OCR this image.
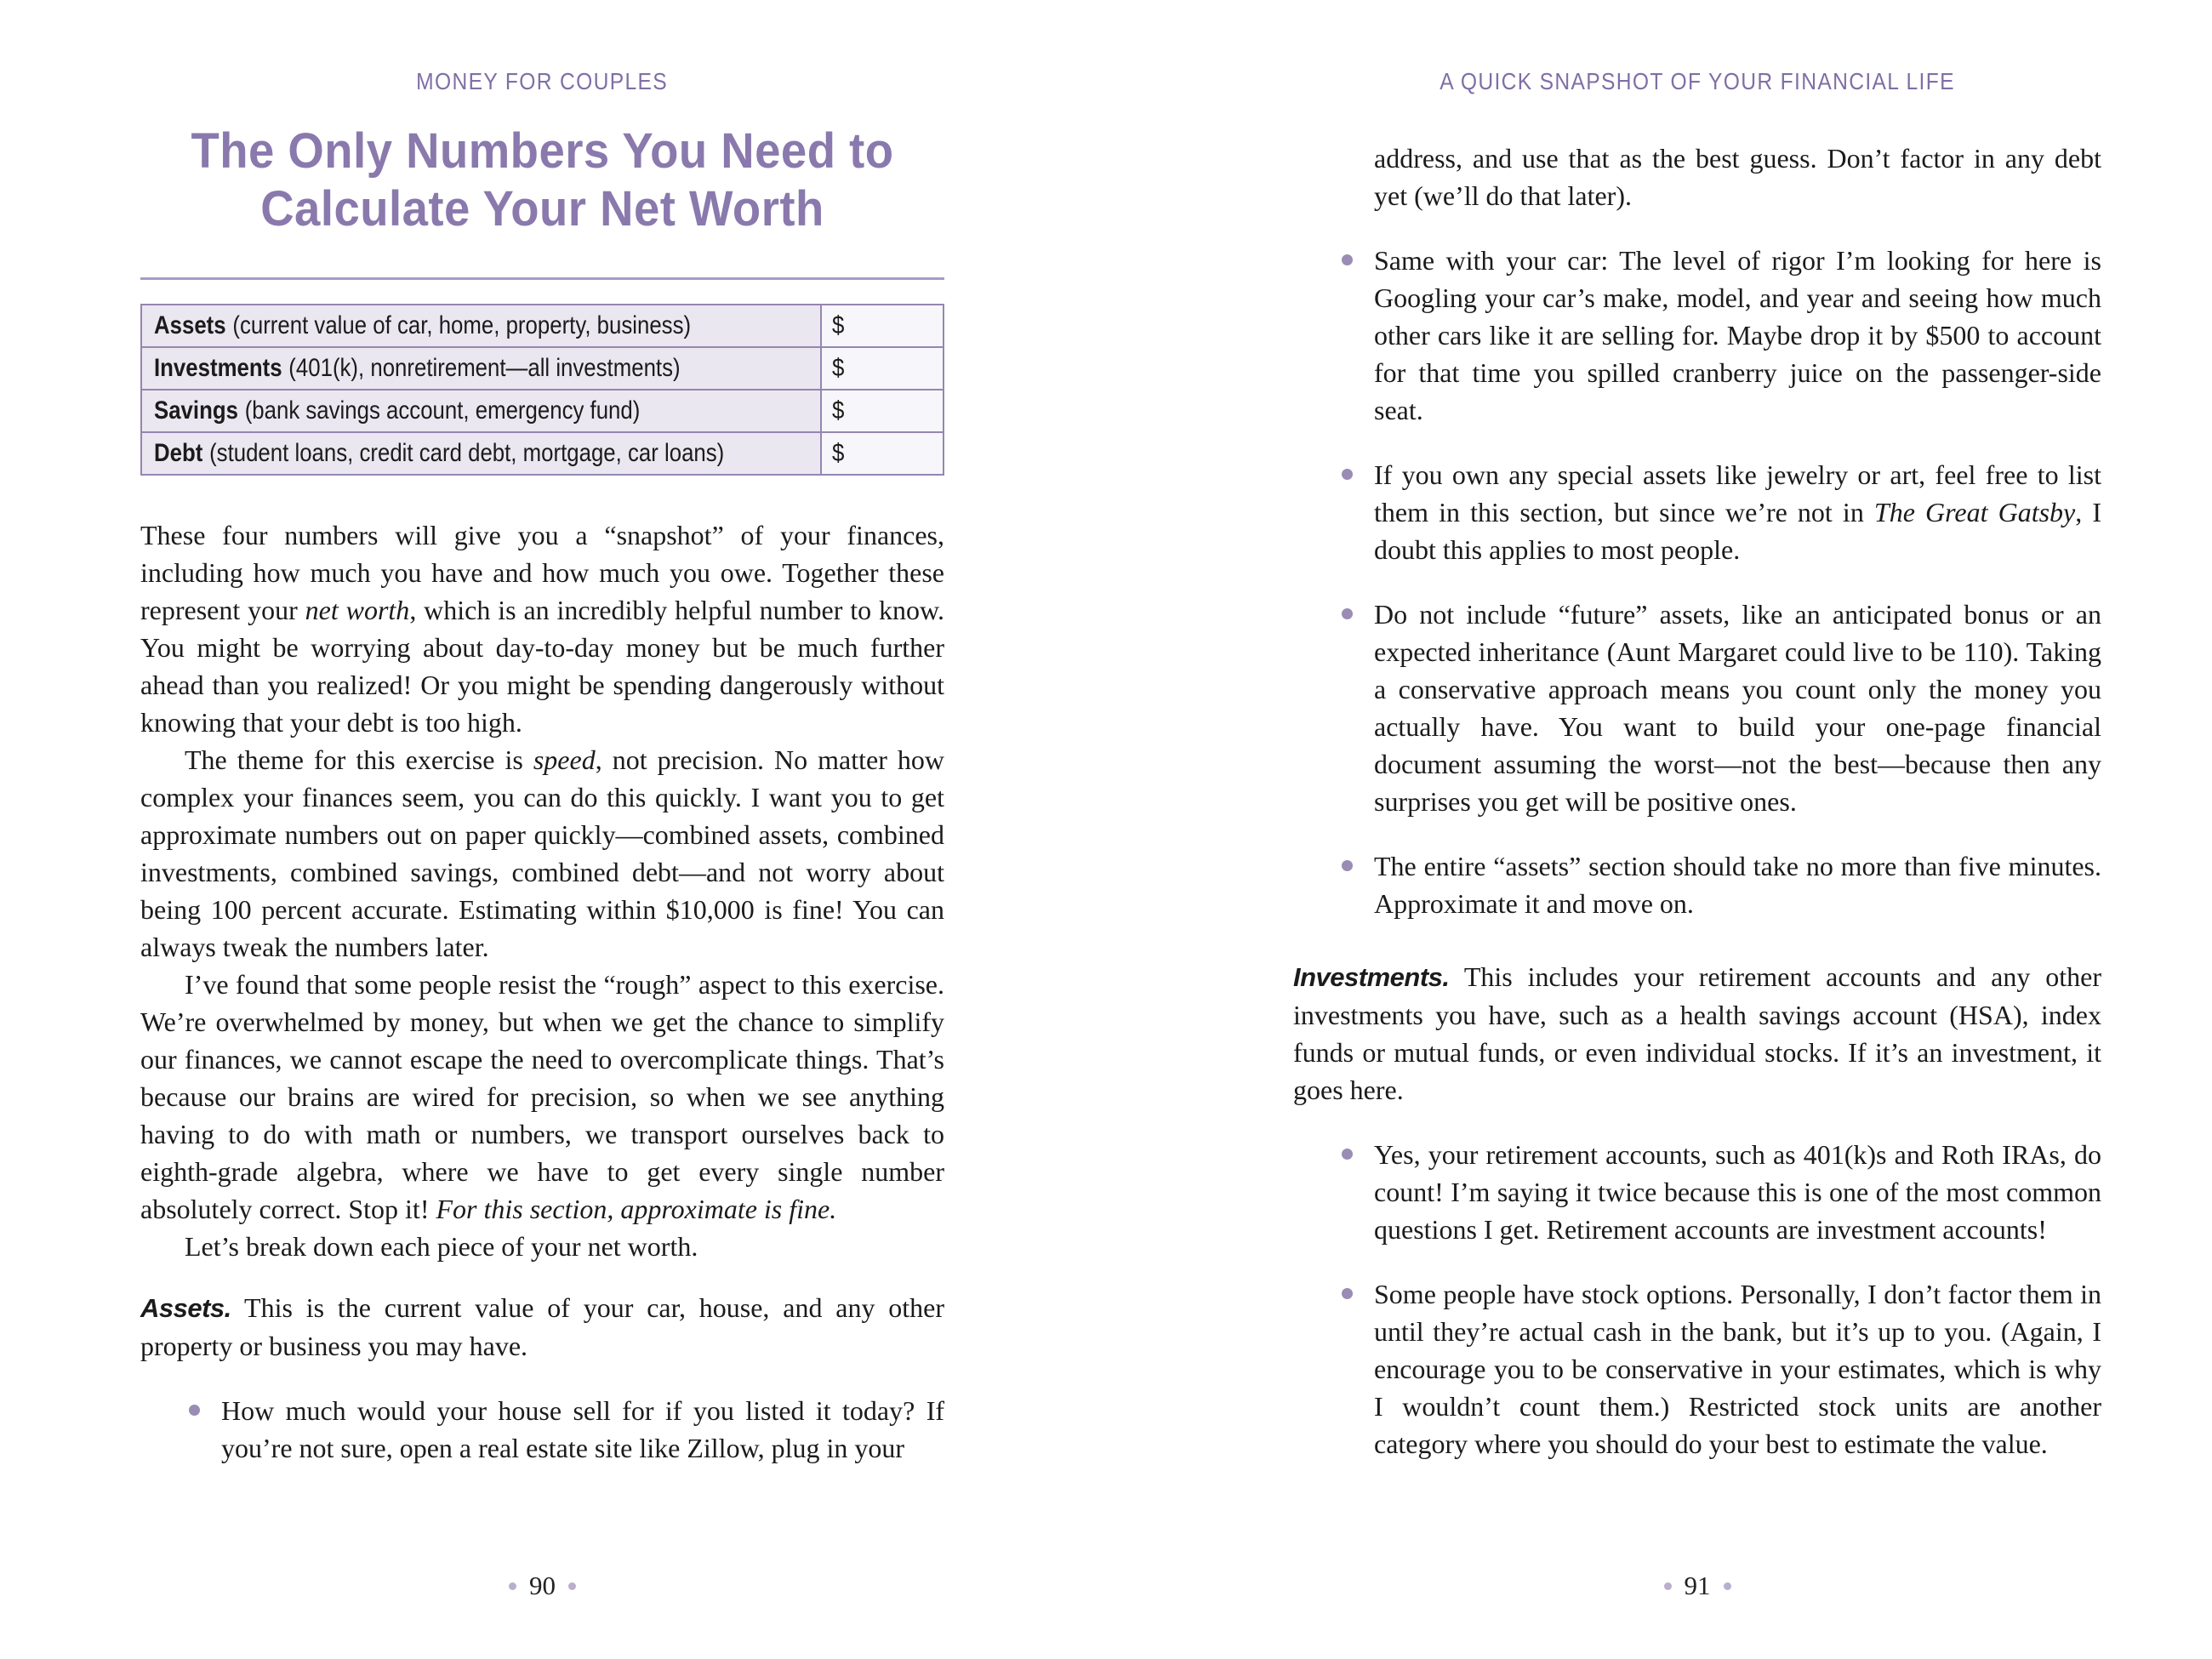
MONEY FOR COUPLES
The Only Numbers You Need to
Calculate Your Net Worth
Assets (current value of car, home, property, business)	$
Investments (401(k), nonretirement—all investments)	$
Savings (bank savings account, emergency fund)	$
Debt (student loans, credit card debt, mortgage, car loans)	$

These four numbers will give you a “snapshot” of your finances, including how much you have and how much you owe. Together these represent your net worth, which is an incredibly helpful number to know. You might be worrying about day-to-day money but be much further ahead than you realized! Or you might be spending dangerously without knowing that your debt is too high.

The theme for this exercise is speed, not precision. No matter how complex your finances seem, you can do this quickly. I want you to get approximate numbers out on paper quickly—combined assets, combined investments, combined savings, combined debt—and not worry about being 100 percent accurate. Estimating within $10,000 is fine! You can always tweak the numbers later.

I’ve found that some people resist the “rough” aspect to this exercise. We’re overwhelmed by money, but when we get the chance to simplify our finances, we cannot escape the need to overcomplicate things. That’s because our brains are wired for precision, so when we see anything having to do with math or numbers, we transport ourselves back to eighth-grade algebra, where we have to get every single number absolutely correct. Stop it! For this section, approximate is fine.

Let’s break down each piece of your net worth.

Assets. This is the current value of your car, house, and any other property or business you may have.

How much would your house sell for if you listed it today? If you’re not sure, open a real estate site like Zillow, plug in your
90
A QUICK SNAPSHOT OF YOUR FINANCIAL LIFE
address, and use that as the best guess. Don’t factor in any debt yet (we’ll do that later).
Same with your car: The level of rigor I’m looking for here is Googling your car’s make, model, and year and seeing how much other cars like it are selling for. Maybe drop it by $500 to account for that time you spilled cranberry juice on the passenger-side seat.
If you own any special assets like jewelry or art, feel free to list them in this section, but since we’re not in The Great Gatsby, I doubt this applies to most people.
Do not include “future” assets, like an anticipated bonus or an expected inheritance (Aunt Margaret could live to be 110). Taking a conservative approach means you count only the money you actually have. You want to build your one-page financial document assuming the worst—not the best—because then any surprises you get will be positive ones.
The entire “assets” section should take no more than five minutes. Approximate it and move on.

Investments. This includes your retirement accounts and any other investments you have, such as a health savings account (HSA), index funds or mutual funds, or even individual stocks. If it’s an investment, it goes here.

Yes, your retirement accounts, such as 401(k)s and Roth IRAs, do count! I’m saying it twice because this is one of the most common questions I get. Retirement accounts are investment accounts!
Some people have stock options. Personally, I don’t factor them in until they’re actual cash in the bank, but it’s up to you. (Again, I encourage you to be conservative in your estimates, which is why I wouldn’t count them.) Restricted stock units are another category where you should do your best to estimate the value.
91
